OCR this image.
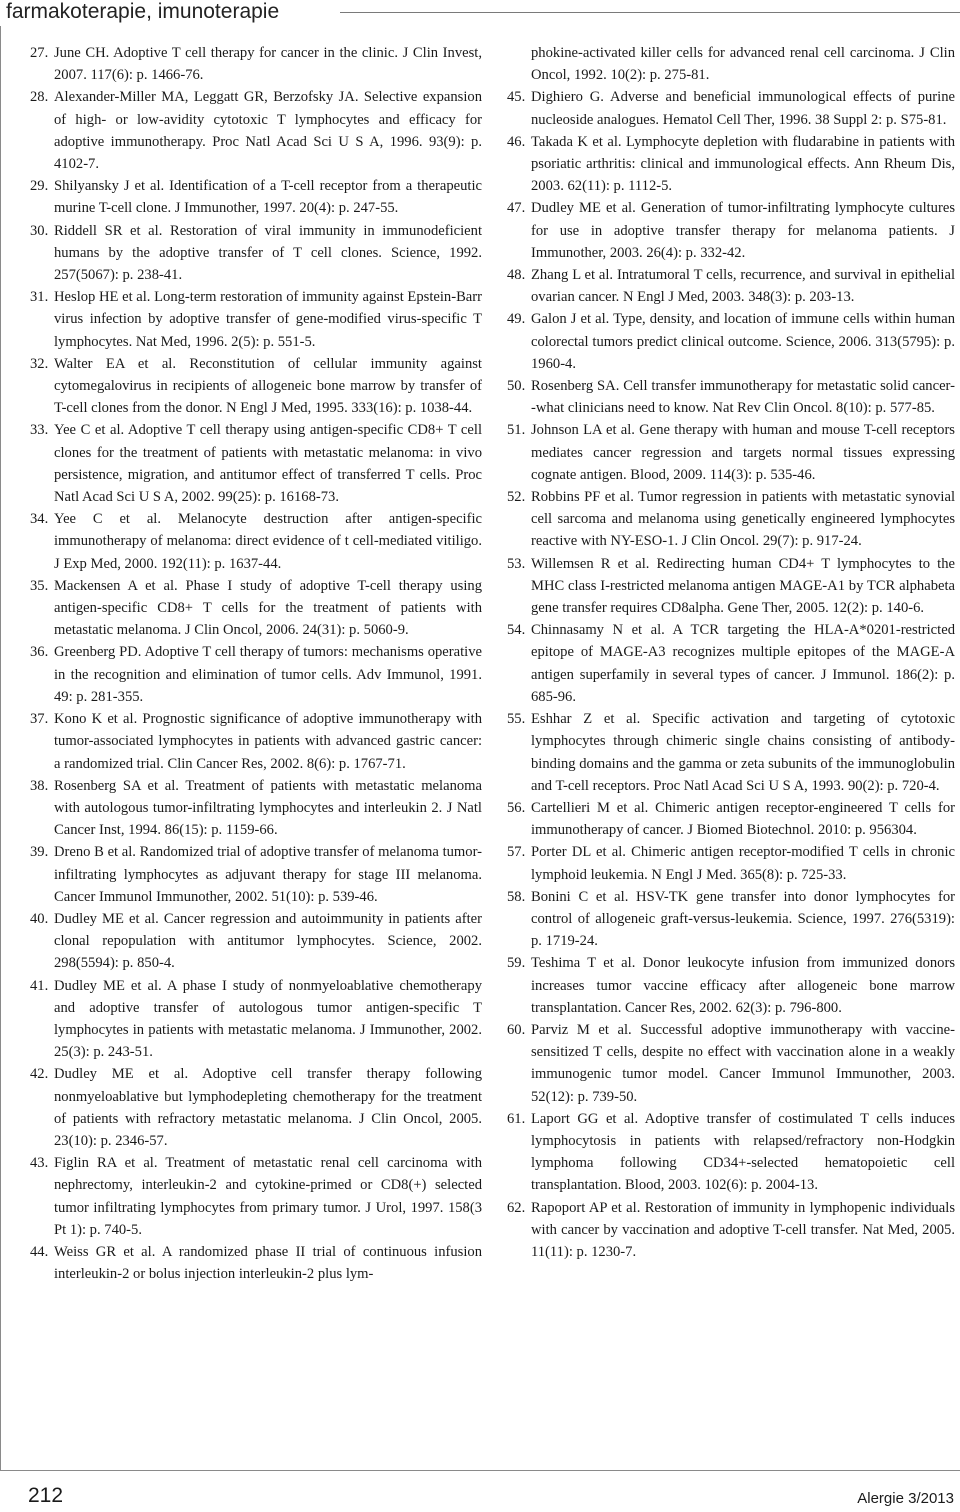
farmakoterapie, imunoterapie

27. June CH. Adoptive T cell therapy for cancer in the clinic. J Clin Invest, 2007. 117(6): p. 1466-76.

28. Alexander-Miller MA, Leggatt GR, Berzofsky JA. Selective expansion of high- or low-avidity cytotoxic T lymphocytes and efficacy for adoptive immunotherapy. Proc Natl Acad Sci U S A, 1996. 93(9): p. 4102-7.

29. Shilyansky J et al. Identification of a T-cell receptor from a therapeutic murine T-cell clone. J Immunother, 1997. 20(4): p. 247-55.

30. Riddell SR et al. Restoration of viral immunity in immunodeficient humans by the adoptive transfer of T cell clones. Science, 1992. 257(5067): p. 238-41.

31. Heslop HE et al. Long-term restoration of immunity against Epstein-Barr virus infection by adoptive transfer of gene-modified virus-specific T lymphocytes. Nat Med, 1996. 2(5): p. 551-5.

32. Walter EA et al. Reconstitution of cellular immunity against cytomegalovirus in recipients of allogeneic bone marrow by transfer of T-cell clones from the donor. N Engl J Med, 1995. 333(16): p. 1038-44.

33. Yee C et al. Adoptive T cell therapy using antigen-specific CD8+ T cell clones for the treatment of patients with metastatic melanoma: in vivo persistence, migration, and antitumor effect of transferred T cells. Proc Natl Acad Sci U S A, 2002. 99(25): p. 16168-73.

34. Yee C et al. Melanocyte destruction after antigen-specific immunotherapy of melanoma: direct evidence of t cell-mediated vitiligo. J Exp Med, 2000. 192(11): p. 1637-44.

35. Mackensen A et al. Phase I study of adoptive T-cell therapy using antigen-specific CD8+ T cells for the treatment of patients with metastatic melanoma. J Clin Oncol, 2006. 24(31): p. 5060-9.

36. Greenberg PD. Adoptive T cell therapy of tumors: mechanisms operative in the recognition and elimination of tumor cells. Adv Immunol, 1991. 49: p. 281-355.

37. Kono K et al. Prognostic significance of adoptive immunotherapy with tumor-associated lymphocytes in patients with advanced gastric cancer: a randomized trial. Clin Cancer Res, 2002. 8(6): p. 1767-71.

38. Rosenberg SA et al. Treatment of patients with metastatic melanoma with autologous tumor-infiltrating lymphocytes and interleukin 2. J Natl Cancer Inst, 1994. 86(15): p. 1159-66.

39. Dreno B et al. Randomized trial of adoptive transfer of melanoma tumor-infiltrating lymphocytes as adjuvant therapy for stage III melanoma. Cancer Immunol Immunother, 2002. 51(10): p. 539-46.

40. Dudley ME et al. Cancer regression and autoimmunity in patients after clonal repopulation with antitumor lymphocytes. Science, 2002. 298(5594): p. 850-4.

41. Dudley ME et al. A phase I study of nonmyeloablative chemotherapy and adoptive transfer of autologous tumor antigen-specific T lymphocytes in patients with metastatic melanoma. J Immunother, 2002. 25(3): p. 243-51.

42. Dudley ME et al. Adoptive cell transfer therapy following nonmyeloablative but lymphodepleting chemotherapy for the treatment of patients with refractory metastatic melanoma. J Clin Oncol, 2005. 23(10): p. 2346-57.

43. Figlin RA et al. Treatment of metastatic renal cell carcinoma with nephrectomy, interleukin-2 and cytokine-primed or CD8(+) selected tumor infiltrating lymphocytes from primary tumor. J Urol, 1997. 158(3 Pt 1): p. 740-5.

44. Weiss GR et al. A randomized phase II trial of continuous infusion interleukin-2 or bolus injection interleukin-2 plus lym-

phokine-activated killer cells for advanced renal cell carcinoma. J Clin Oncol, 1992. 10(2): p. 275-81.

45. Dighiero G. Adverse and beneficial immunological effects of purine nucleoside analogues. Hematol Cell Ther, 1996. 38 Suppl 2: p. S75-81.

46. Takada K et al. Lymphocyte depletion with fludarabine in patients with psoriatic arthritis: clinical and immunological effects. Ann Rheum Dis, 2003. 62(11): p. 1112-5.

47. Dudley ME et al. Generation of tumor-infiltrating lymphocyte cultures for use in adoptive transfer therapy for melanoma patients. J Immunother, 2003. 26(4): p. 332-42.

48. Zhang L et al. Intratumoral T cells, recurrence, and survival in epithelial ovarian cancer. N Engl J Med, 2003. 348(3): p. 203-13.

49. Galon J et al. Type, density, and location of immune cells within human colorectal tumors predict clinical outcome. Science, 2006. 313(5795): p. 1960-4.

50. Rosenberg SA. Cell transfer immunotherapy for metastatic solid cancer--what clinicians need to know. Nat Rev Clin Oncol. 8(10): p. 577-85.

51. Johnson LA et al. Gene therapy with human and mouse T-cell receptors mediates cancer regression and targets normal tissues expressing cognate antigen. Blood, 2009. 114(3): p. 535-46.

52. Robbins PF et al. Tumor regression in patients with metastatic synovial cell sarcoma and melanoma using genetically engineered lymphocytes reactive with NY-ESO-1. J Clin Oncol. 29(7): p. 917-24.

53. Willemsen R et al. Redirecting human CD4+ T lymphocytes to the MHC class I-restricted melanoma antigen MAGE-A1 by TCR alphabeta gene transfer requires CD8alpha. Gene Ther, 2005. 12(2): p. 140-6.

54. Chinnasamy N et al. A TCR targeting the HLA-A*0201-restricted epitope of MAGE-A3 recognizes multiple epitopes of the MAGE-A antigen superfamily in several types of cancer. J Immunol. 186(2): p. 685-96.

55. Eshhar Z et al. Specific activation and targeting of cytotoxic lymphocytes through chimeric single chains consisting of antibody-binding domains and the gamma or zeta subunits of the immunoglobulin and T-cell receptors. Proc Natl Acad Sci U S A, 1993. 90(2): p. 720-4.

56. Cartellieri M et al. Chimeric antigen receptor-engineered T cells for immunotherapy of cancer. J Biomed Biotechnol. 2010: p. 956304.

57. Porter DL et al. Chimeric antigen receptor-modified T cells in chronic lymphoid leukemia. N Engl J Med. 365(8): p. 725-33.

58. Bonini C et al. HSV-TK gene transfer into donor lymphocytes for control of allogeneic graft-versus-leukemia. Science, 1997. 276(5319): p. 1719-24.

59. Teshima T et al. Donor leukocyte infusion from immunized donors increases tumor vaccine efficacy after allogeneic bone marrow transplantation. Cancer Res, 2002. 62(3): p. 796-800.

60. Parviz M et al. Successful adoptive immunotherapy with vaccine-sensitized T cells, despite no effect with vaccination alone in a weakly immunogenic tumor model. Cancer Immunol Immunother, 2003. 52(12): p. 739-50.

61. Laport GG et al. Adoptive transfer of costimulated T cells induces lymphocytosis in patients with relapsed/refractory non-Hodgkin lymphoma following CD34+-selected hematopoietic cell transplantation. Blood, 2003. 102(6): p. 2004-13.

62. Rapoport AP et al. Restoration of immunity in lymphopenic individuals with cancer by vaccination and adoptive T-cell transfer. Nat Med, 2005. 11(11): p. 1230-7.

212	Alergie 3/2013
